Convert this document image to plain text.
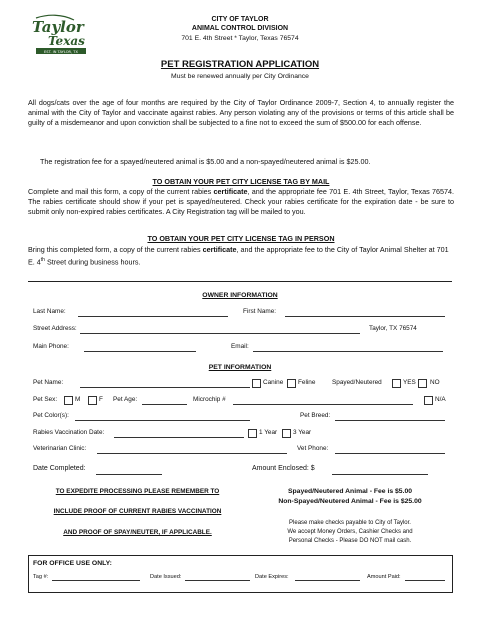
Taylor
Texas
EST. IN TAYLOR, TX
CITY OF TAYLOR
ANIMAL CONTROL DIVISION
701 E. 4th Street * Taylor, Texas 76574
PET REGISTRATION APPLICATION
Must be renewed annually per City Ordinance
All dogs/cats over the age of four months are required by the City of Taylor Ordinance 2009-7, Section 4, to annually register the animal with the City of Taylor and vaccinate against rabies. Any person violating any of the provisions or terms of this article shall be guilty of a misdemeanor and upon conviction shall be subjected to a fine not to exceed the sum of $500.00 for each offense.
The registration fee for a spayed/neutered animal is $5.00 and a non-spayed/neutered animal is $25.00.
TO OBTAIN YOUR PET CITY LICENSE TAG BY MAIL
Complete and mail this form, a copy of the current rabies certificate, and the appropriate fee 701 E. 4th Street, Taylor, Texas 76574. The rabies certificate should show if your pet is spayed/neutered. Check your rabies certificate for the expiration date - be sure to submit only non-expired rabies certificates. A City Registration tag will be mailed to you.
TO OBTAIN YOUR PET CITY LICENSE TAG IN PERSON
Bring this completed form, a copy of the current rabies certificate, and the appropriate fee to the City of Taylor Animal Shelter at 701 E. 4th Street during business hours.
OWNER INFORMATION
Last Name:	First Name:
Street Address:	Taylor, TX 76574
Main Phone:	Email:
PET INFORMATION
Pet Name:	Canine Feline	Spayed/Neutered	YES NO
Pet Sex:	M	F Pet Age:	Microchip #	N/A
Pet Color(s):	Pet Breed:
Rabies Vaccination Date:	1 Year 3 Year
Veterinarian Clinic:	Vet Phone:
Date Completed:	Amount Enclosed: $
TO EXPEDITE PROCESSING PLEASE REMEMBER TO
INCLUDE PROOF OF CURRENT RABIES VACCINATION
AND PROOF OF SPAY/NEUTER, IF APPLICABLE.
Spayed/Neutered Animal - Fee is $5.00
Non-Spayed/Neutered Animal - Fee is $25.00
Please make checks payable to City of Taylor.
We accept Money Orders, Cashier Checks and
Personal Checks - Please DO NOT mail cash.
FOR OFFICE USE ONLY:
Tag #:	Date Issued:	Date Expires:	Amount Paid:
